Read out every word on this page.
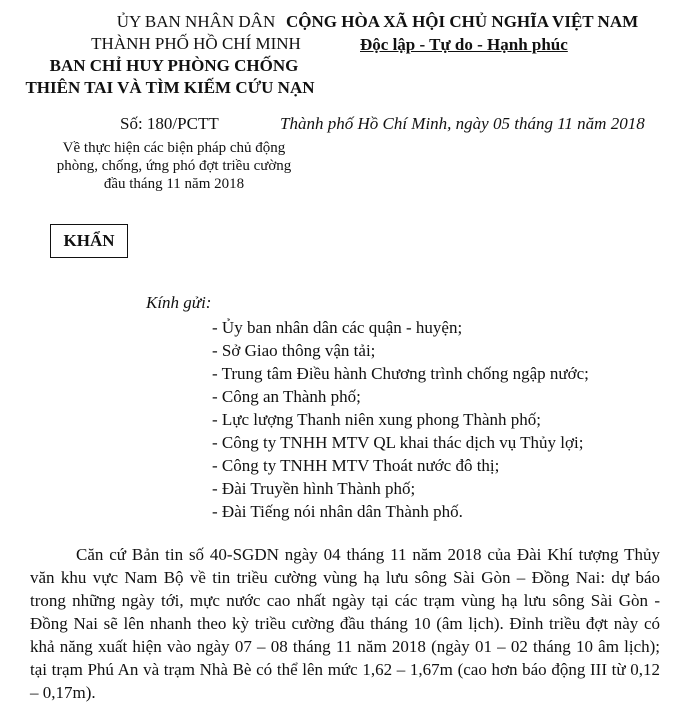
ỦY BAN NHÂN DÂN
THÀNH PHỐ HỒ CHÍ MINH
BAN CHỈ HUY PHÒNG CHỐNG
THIÊN TAI VÀ TÌM KIẾM CỨU NẠN
CỘNG HÒA XÃ HỘI CHỦ NGHĨA VIỆT NAM
Độc lập - Tự do - Hạnh phúc
Số: 180/PCTT	Thành phố Hồ Chí Minh, ngày 05 tháng 11 năm 2018
Về thực hiện các biện pháp chủ động
phòng, chống, ứng phó đợt triều cường
đầu tháng 11 năm 2018
KHẨN
Kính gửi:
- Ủy ban nhân dân các quận - huyện;
- Sở Giao thông vận tải;
- Trung tâm Điều hành Chương trình chống ngập nước;
- Công an Thành phố;
- Lực lượng Thanh niên xung phong Thành phố;
- Công ty TNHH MTV QL khai thác dịch vụ Thủy lợi;
- Công ty TNHH MTV Thoát nước đô thị;
- Đài Truyền hình Thành phố;
- Đài Tiếng nói nhân dân Thành phố.
Căn cứ Bản tin số 40-SGDN ngày 04 tháng 11 năm 2018 của Đài Khí tượng Thủy văn khu vực Nam Bộ về tin triều cường vùng hạ lưu sông Sài Gòn – Đồng Nai: dự báo trong những ngày tới, mực nước cao nhất ngày tại các trạm vùng hạ lưu sông Sài Gòn - Đồng Nai sẽ lên nhanh theo kỳ triều cường đầu tháng 10 (âm lịch). Đỉnh triều đợt này có khả năng xuất hiện vào ngày 07 – 08 tháng 11 năm 2018 (ngày 01 – 02 tháng 10 âm lịch); tại trạm Phú An và trạm Nhà Bè có thể lên mức 1,62 – 1,67m (cao hơn báo động III từ 0,12 – 0,17m).
